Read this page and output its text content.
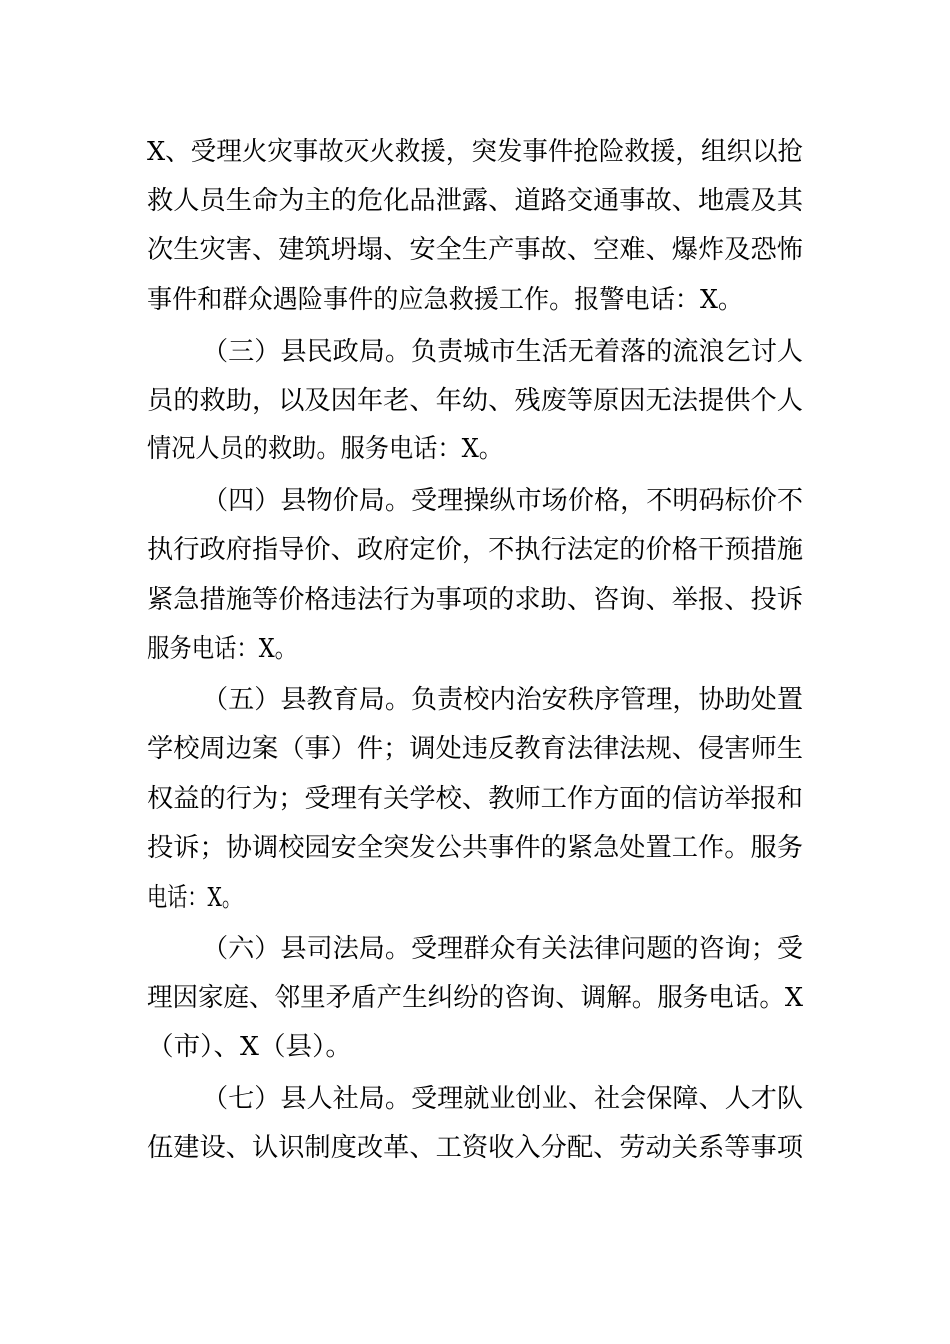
X、受理火灾事故灭火救援，突发事件抢险救援，组织以抢
救人员生命为主的危化品泄露、道路交通事故、地震及其
次生灾害、建筑坍塌、安全生产事故、空难、爆炸及恐怖
事件和群众遇险事件的应急救援工作。报警电话：X。
（三）县民政局。负责城市生活无着落的流浪乞讨人
员的救助，以及因年老、年幼、残废等原因无法提供个人
情况人员的救助。服务电话：X。
（四）县物价局。受理操纵市场价格，不明码标价不
执行政府指导价、政府定价，不执行法定的价格干预措施
紧急措施等价格违法行为事项的求助、咨询、举报、投诉
服务电话：X。
（五）县教育局。负责校内治安秩序管理，协助处置
学校周边案（事）件；调处违反教育法律法规、侵害师生
权益的行为；受理有关学校、教师工作方面的信访举报和
投诉；协调校园安全突发公共事件的紧急处置工作。服务
电话：X。
（六）县司法局。受理群众有关法律问题的咨询；受
理因家庭、邻里矛盾产生纠纷的咨询、调解。服务电话。X
（市）、X（县）。
（七）县人社局。受理就业创业、社会保障、人才队
伍建设、认识制度改革、工资收入分配、劳动关系等事项
